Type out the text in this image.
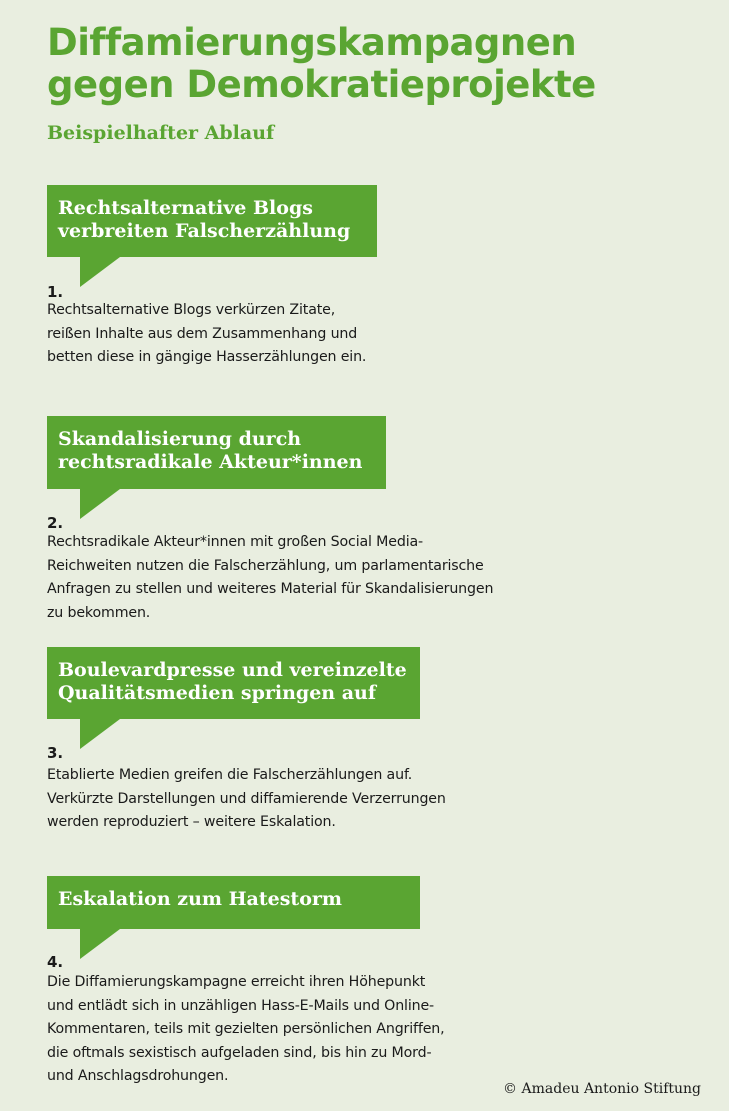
Diffamierungskampagnen
gegen Demokratieprojekte
Beispielhafter Ablauf
Rechtsalternative Blogs
verbreiten Falscherzählung
1.
Rechtsalternative Blogs verkürzen Zitate,
reißen Inhalte aus dem Zusammenhang und
betten diese in gängige Hasserzählungen ein.
Skandalisierung durch
rechtsradikale Akteur*innen
2.
Rechtsradikale Akteur*innen mit großen Social Media-
Reichweiten nutzen die Falscherzählung, um parlamentarische
Anfragen zu stellen und weiteres Material für Skandalisierungen
zu bekommen.
Boulevardpresse und vereinzelte
Qualitätsmedien springen auf
3.
Etablierte Medien greifen die Falscherzählungen auf.
Verkürzte Darstellungen und diffamierende Verzerrungen
werden reproduziert – weitere Eskalation.
Eskalation zum Hatestorm
4.
Die Diffamierungskampagne erreicht ihren Höhepunkt
und entlädt sich in unzähligen Hass-E-Mails und Online-
Kommentaren, teils mit gezielten persönlichen Angriffen,
die oftmals sexistisch aufgeladen sind, bis hin zu Mord-
und Anschlagsdrohungen.
© Amadeu Antonio Stiftung
